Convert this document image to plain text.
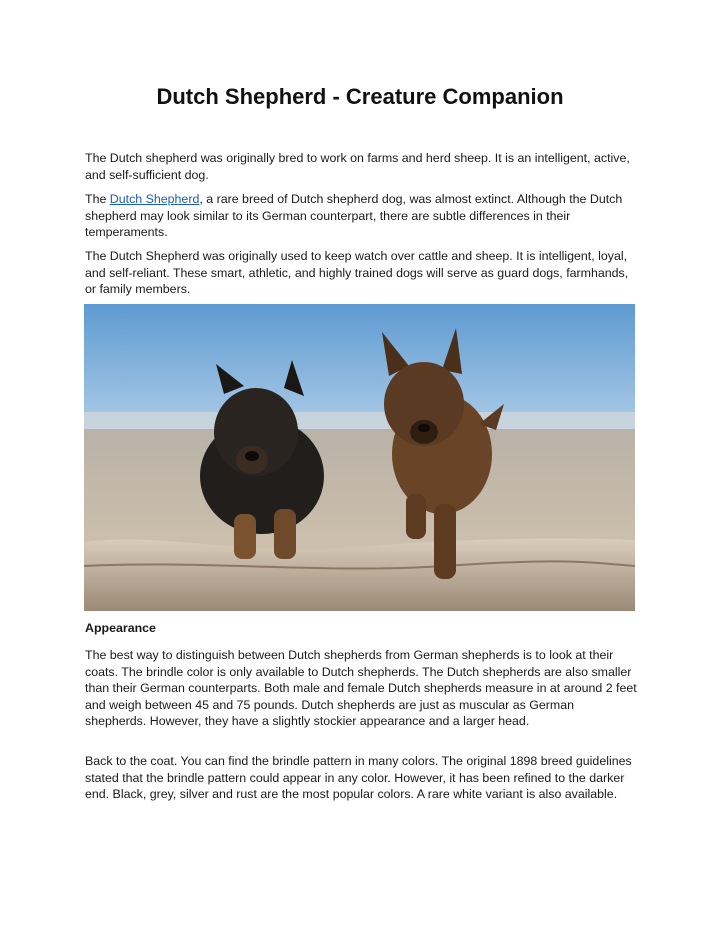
Dutch Shepherd - Creature Companion

The Dutch shepherd was originally bred to work on farms and herd sheep. It is an intelligent, active, and self-sufficient dog.

The Dutch Shepherd, a rare breed of Dutch shepherd dog, was almost extinct. Although the Dutch shepherd may look similar to its German counterpart, there are subtle differences in their temperaments.

The Dutch Shepherd was originally used to keep watch over cattle and sheep. It is intelligent, loyal, and self-reliant. These smart, athletic, and highly trained dogs will serve as guard dogs, farmhands, or family members.

Appearance

The best way to distinguish between Dutch shepherds from German shepherds is to look at their coats. The brindle color is only available to Dutch shepherds. The Dutch shepherds are also smaller than their German counterparts. Both male and female Dutch shepherds measure in at around 2 feet and weigh between 45 and 75 pounds. Dutch shepherds are just as muscular as German shepherds. However, they have a slightly stockier appearance and a larger head.

Back to the coat. You can find the brindle pattern in many colors. The original 1898 breed guidelines stated that the brindle pattern could appear in any color. However, it has been refined to the darker end. Black, grey, silver and rust are the most popular colors. A rare white variant is also available.
